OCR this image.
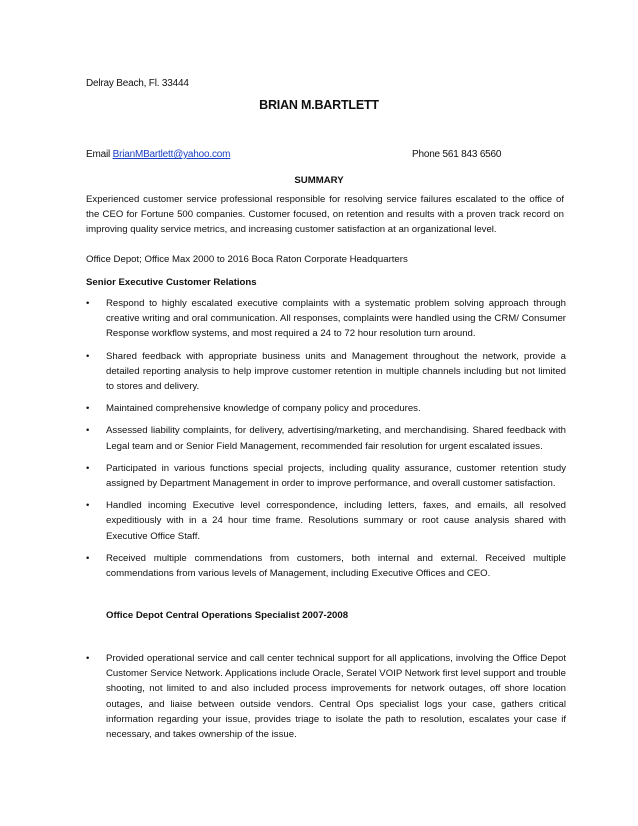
Delray Beach, Fl. 33444
BRIAN M.BARTLETT
Email BrianMBartlett@yahoo.com	Phone 561 843 6560
SUMMARY
Experienced customer service professional responsible for resolving service failures escalated to the office of the CEO for Fortune 500 companies. Customer focused, on retention and results with a proven track record on improving quality service metrics, and increasing customer satisfaction at an organizational level.
Office Depot; Office Max 2000 to 2016 Boca Raton Corporate Headquarters
Senior Executive Customer Relations
• Respond to highly escalated executive complaints with a systematic problem solving approach through creative writing and oral communication. All responses, complaints were handled using the CRM/ Consumer Response workflow systems, and most required a 24 to 72 hour resolution turn around.
• Shared feedback with appropriate business units and Management throughout the network, provide a detailed reporting analysis to help improve customer retention in multiple channels including but not limited to stores and delivery.
• Maintained comprehensive knowledge of company policy and procedures.
• Assessed liability complaints, for delivery, advertising/marketing, and merchandising. Shared feedback with Legal team and or Senior Field Management, recommended fair resolution for urgent escalated issues.
• Participated in various functions special projects, including quality assurance, customer retention study assigned by Department Management in order to improve performance, and overall customer satisfaction.
• Handled incoming Executive level correspondence, including letters, faxes, and emails, all resolved expeditiously with in a 24 hour time frame. Resolutions summary or root cause analysis shared with Executive Office Staff.
• Received multiple commendations from customers, both internal and external. Received multiple commendations from various levels of Management, including Executive Offices and CEO.
Office Depot Central Operations Specialist 2007-2008
• Provided operational service and call center technical support for all applications, involving the Office Depot Customer Service Network. Applications include Oracle, Seratel VOIP Network first level support and trouble shooting, not limited to and also included process improvements for network outages, off shore location outages, and liaise between outside vendors. Central Ops specialist logs your case, gathers critical information regarding your issue, provides triage to isolate the path to resolution, escalates your case if necessary, and takes ownership of the issue.
